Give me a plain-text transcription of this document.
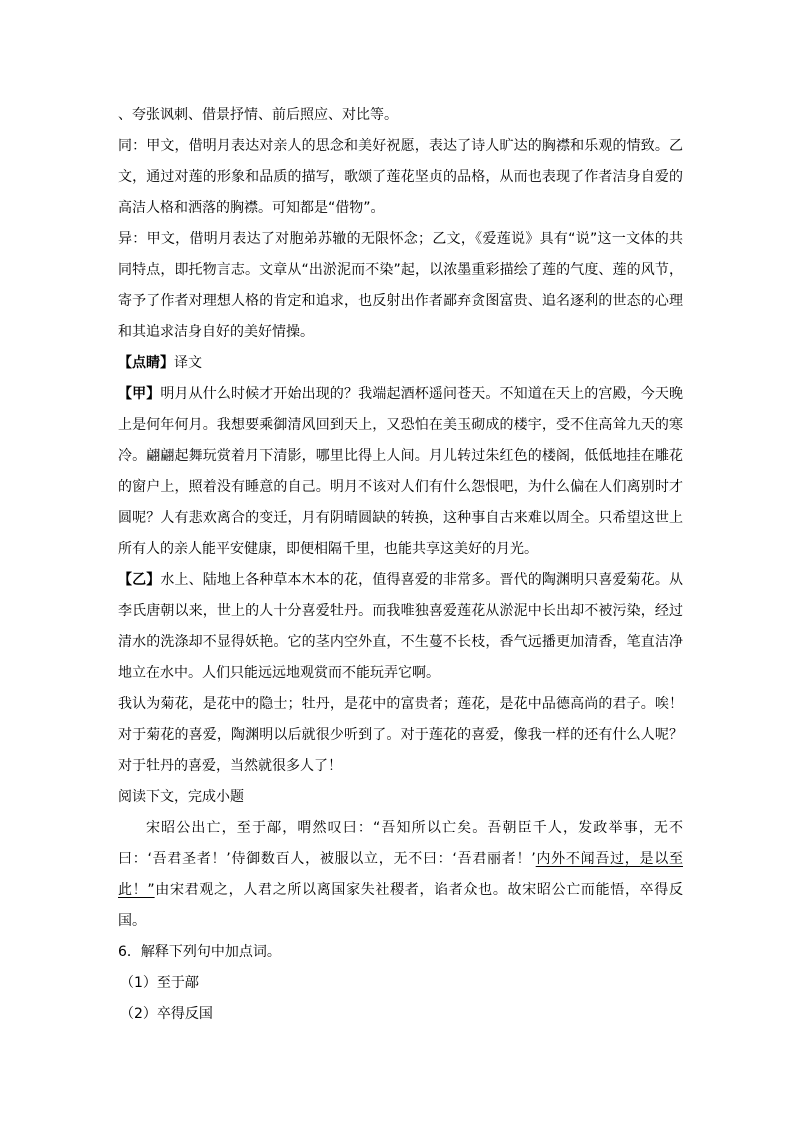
、夸张讽刺、借景抒情、前后照应、对比等。

同：甲文，借明月表达对亲人的思念和美好祝愿，表达了诗人旷达的胸襟和乐观的情致。乙文，通过对莲的形象和品质的描写，歌颂了莲花坚贞的品格，从而也表现了作者洁身自爱的高洁人格和洒落的胸襟。可知都是“借物”。

异：甲文，借明月表达了对胞弟苏辙的无限怀念；乙文，《爱莲说》具有“说”这一文体的共同特点，即托物言志。文章从“出淤泥而不染”起，以浓墨重彩描绘了莲的气度、莲的风节，寄予了作者对理想人格的肯定和追求，也反射出作者鄙弃贪图富贵、追名逐利的世态的心理和其追求洁身自好的美好情操。

【点睛】译文

【甲】明月从什么时候才开始出现的？我端起酒杯遥问苍天。不知道在天上的宫殿，今天晚上是何年何月。我想要乘御清风回到天上，又恐怕在美玉砌成的楼宇，受不住高耸九天的寒冷。翩翩起舞玩赏着月下清影，哪里比得上人间。月儿转过朱红色的楼阁，低低地挂在雕花的窗户上，照着没有睡意的自己。明月不该对人们有什么怨恨吧，为什么偏在人们离别时才圆呢？人有悲欢离合的变迁，月有阴晴圆缺的转换，这种事自古来难以周全。只希望这世上所有人的亲人能平安健康，即便相隔千里，也能共享这美好的月光。

【乙】水上、陆地上各种草本木本的花，值得喜爱的非常多。晋代的陶渊明只喜爱菊花。从李氏唐朝以来，世上的人十分喜爱牡丹。而我唯独喜爱莲花从淤泥中长出却不被污染，经过清水的洗涤却不显得妖艳。它的茎内空外直，不生蔓不长枝，香气远播更加清香，笔直洁净地立在水中。人们只能远远地观赏而不能玩弄它啊。

我认为菊花，是花中的隐士；牡丹，是花中的富贵者；莲花，是花中品德高尚的君子。唉！对于菊花的喜爱，陶渊明以后就很少听到了。对于莲花的喜爱，像我一样的还有什么人呢？对于牡丹的喜爱，当然就很多人了！

阅读下文，完成小题

宋昭公出亡，至于鄗，喟然叹曰：“吾知所以亡矣。吾朝臣千人，发政举事，无不曰：‘吾君圣者！’侍御数百人，被服以立，无不曰：‘吾君丽者！’内外不闻吾过，是以至此！”由宋君观之，人君之所以离国家失社稷者，谄者众也。故宋昭公亡而能悟，卒得反国。

6．解释下列句中加点词。

（1）至于鄗

（2）卒得反国
